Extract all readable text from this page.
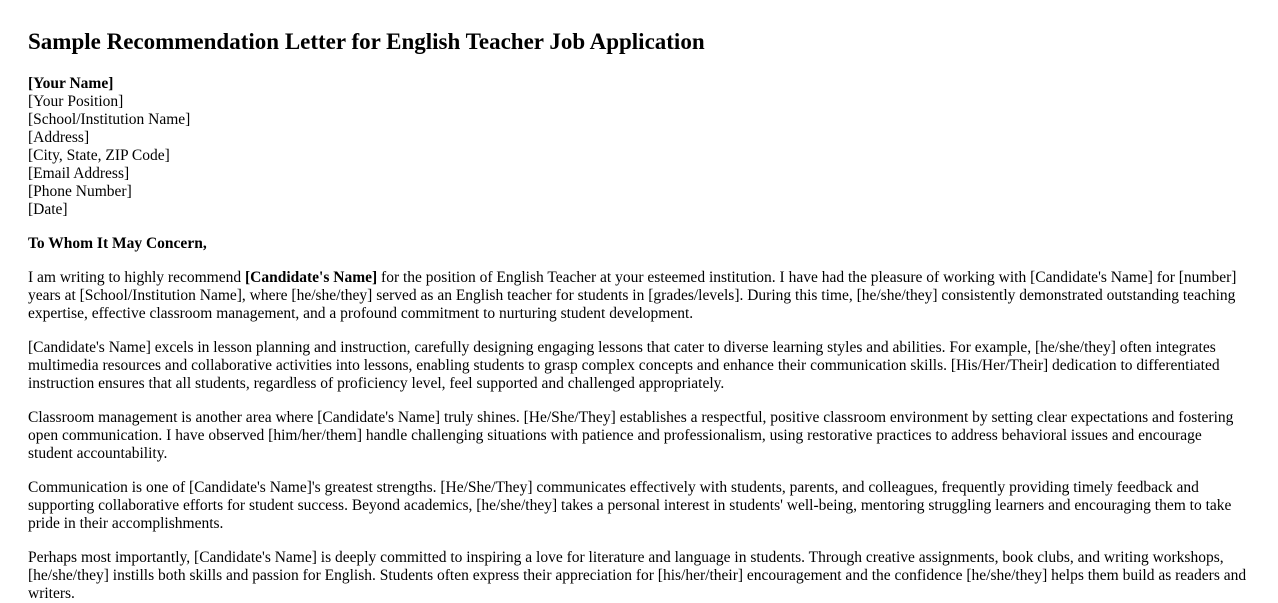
Sample Recommendation Letter for English Teacher Job Application
[Your Name]
[Your Position]
[School/Institution Name]
[Address]
[City, State, ZIP Code]
[Email Address]
[Phone Number]
[Date]
To Whom It May Concern,
I am writing to highly recommend [Candidate's Name] for the position of English Teacher at your esteemed institution. I have had the pleasure of working with [Candidate's Name] for [number] years at [School/Institution Name], where [he/she/they] served as an English teacher for students in [grades/levels]. During this time, [he/she/they] consistently demonstrated outstanding teaching expertise, effective classroom management, and a profound commitment to nurturing student development.
[Candidate's Name] excels in lesson planning and instruction, carefully designing engaging lessons that cater to diverse learning styles and abilities. For example, [he/she/they] often integrates multimedia resources and collaborative activities into lessons, enabling students to grasp complex concepts and enhance their communication skills. [His/Her/Their] dedication to differentiated instruction ensures that all students, regardless of proficiency level, feel supported and challenged appropriately.
Classroom management is another area where [Candidate's Name] truly shines. [He/She/They] establishes a respectful, positive classroom environment by setting clear expectations and fostering open communication. I have observed [him/her/them] handle challenging situations with patience and professionalism, using restorative practices to address behavioral issues and encourage student accountability.
Communication is one of [Candidate's Name]'s greatest strengths. [He/She/They] communicates effectively with students, parents, and colleagues, frequently providing timely feedback and supporting collaborative efforts for student success. Beyond academics, [he/she/they] takes a personal interest in students' well-being, mentoring struggling learners and encouraging them to take pride in their accomplishments.
Perhaps most importantly, [Candidate's Name] is deeply committed to inspiring a love for literature and language in students. Through creative assignments, book clubs, and writing workshops, [he/she/they] instills both skills and passion for English. Students often express their appreciation for [his/her/their] encouragement and the confidence [he/she/they] helps them build as readers and writers.
